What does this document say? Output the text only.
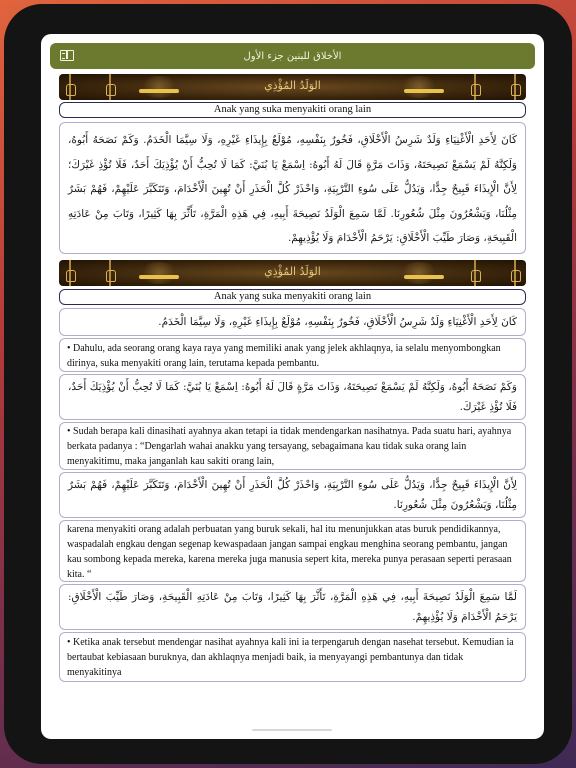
الأخلاق للبنين جزء الأول
الوَلَدُ المُؤْذِي
Anak yang suka menyakiti orang lain
كَانَ لِأَحَدِ الْأَغْنِيَاءِ وَلَدٌ شَرِسُ الْأَخْلَاقِ، فَخُورٌ بِنَفْسِهِ، مُوْلَعٌ بِإِيذَاءِ غَيْرِهِ، وَلَا سِيَّمَا الْخَدَمُ. وَكَمْ نَصَحَهُ أَبُوهُ، وَلَكِنَّهُ لَمْ يَسْمَعْ نَصِيحَتَهُ، وَذَاتَ مَرَّةٍ قَالَ لَهُ أَبُوهُ: اِسْمَعْ يَا بُنَيَّ: كَمَا لَا تُحِبُّ أَنْ يُؤْذِيَكَ أَحَدٌ، فَلَا تُؤْذِ غَيْرَكَ؛ لِأَنَّ الْإِيذَاءَ قَبِيحٌ جِدًّا، وَيَدُلُّ عَلَى سُوءِ التَّرْبِيَةِ، وَاحْذَرْ كُلَّ الْحَذَرِ أَنْ تُهِينَ الْأَخْدَامَ، وَتَتَكَبَّرَ عَلَيْهِمْ، فَهُمْ بَشَرٌ مِثْلُنَا، وَيَشْعُرُونَ مِثْلَ شُعُورِنَا. لَمَّا سَمِعَ الْوَلَدُ نَصِيحَةَ أَبِيهِ، فِي هَذِهِ الْمَرَّةِ، تَأَثَّرَ بِهَا كَثِيرًا، وَتَابَ مِنْ عَادَتِهِ الْقَبِيحَةِ، وَصَارَ طَيِّبَ الْأَخْلَاقِ: يَرْحَمُ الْأَخْدَامَ وَلَا يُؤْذِيهِمْ.
الوَلَدُ المُؤْذِي
Anak yang suka menyakiti orang lain
كَانَ لِأَحَدِ الْأَغْنِيَاءِ وَلَدٌ شَرِسُ الْأَخْلَاقِ، فَخُورٌ بِنَفْسِهِ، مُوْلَعٌ بِإِيذَاءِ غَيْرِهِ، وَلَا سِيَّمَا الْخَدَمُ.
• Dahulu, ada seorang orang kaya raya yang memiliki anak yang jelek akhlaqnya, ia selalu menyombongkan dirinya, suka menyakiti orang lain, terutama kepada pembantu.
وَكَمْ نَصَحَهُ أَبُوهُ، وَلَكِنَّهُ لَمْ يَسْمَعْ نَصِيحَتَهُ، وَذَاتَ مَرَّةٍ قَالَ لَهُ أَبُوهُ: اِسْمَعْ يَا بُنَيَّ: كَمَا لَا تُحِبُّ أَنْ يُؤْذِيَكَ أَحَدٌ، فَلَا تُؤْذِ غَيْرَكَ.
• Sudah berapa kali dinasihati ayahnya akan tetapi ia tidak mendengarkan nasihatnya. Pada suatu hari, ayahnya berkata padanya : “Dengarlah wahai anakku yang tersayang, sebagaimana kau tidak suka orang lain menyakitimu, maka janganlah kau sakiti orang lain,
لِأَنَّ الْإِيذَاءَ قَبِيحٌ جِدًّا، وَيَدُلُّ عَلَى سُوءِ التَّرْبِيَةِ، وَاحْذَرْ كُلَّ الْحَذَرِ أَنْ تُهِينَ الْأَخْدَامَ، وَتَتَكَبَّرَ عَلَيْهِمْ، فَهُمْ بَشَرٌ مِثْلُنَا، وَيَشْعُرُونَ مِثْلَ شُعُورِنَا.
karena menyakiti orang adalah perbuatan yang buruk sekali, hal itu menunjukkan atas buruk pendidikannya, waspadalah engkau dengan segenap kewaspadaan jangan sampai engkau menghina seorang pembantu, jangan kau sombong kepada mereka, karena mereka juga manusia sepert kita, mereka punya perasaan seperti perasaan kita. “
لَمَّا سَمِعَ الْوَلَدُ نَصِيحَةَ أَبِيهِ، فِي هَذِهِ الْمَرَّةِ، تَأَثَّرَ بِهَا كَثِيرًا، وَتَابَ مِنْ عَادَتِهِ الْقَبِيحَةِ، وَصَارَ طَيِّبَ الْأَخْلَاقِ: يَرْحَمُ الْأَخْدَامَ وَلَا يُؤْذِيهِمْ.
• Ketika anak tersebut mendengar nasihat ayahnya kali ini ia terpengaruh dengan nasehat tersebut. Kemudian ia bertaubat kebiasaan buruknya, dan akhlaqnya menjadi baik, ia menyayangi pembantunya dan tidak menyakitinya
